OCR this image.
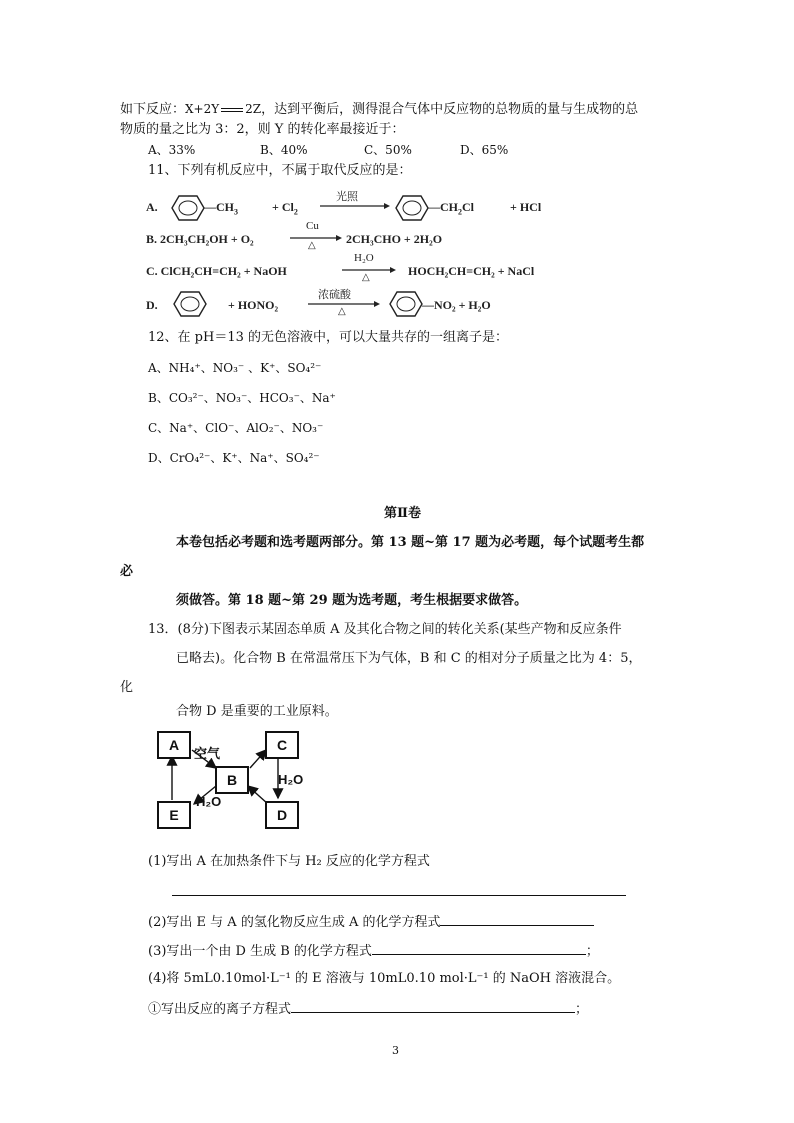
如下反应：X+2Y 2Z，达到平衡后，测得混合气体中反应物的总物质的量与生成物的总
物质的量之比为 3：2，则 Y 的转化率最接近于：
A、33%	B、40%	C、50%	D、65%
11、下列有机反应中，不属于取代反应的是：
A.	$—CH_3$	+ $Cl_2$
光照
$—CH_2Cl$	+ HCl
B. 2CH₃CH₂OH + O₂
Cu
△	2CH₃CHO + 2H₂O
C. ClCH₂CH=CH₂ + NaOH
H₂O
△	HOCH₂CH=CH₂ + NaCl
D.	+ HONO₂
浓硫酸
△	—NO₂ + H₂O
12、在 pH＝13 的无色溶液中，可以大量共存的一组离子是：
A、NH₄⁺、NO₃⁻ 、K⁺、SO₄²⁻
B、CO₃²⁻、NO₃⁻、HCO₃⁻、Na⁺
C、Na⁺、ClO⁻、AlO₂⁻、NO₃⁻
D、CrO₄²⁻、K⁺、Na⁺、SO₄²⁻
第Ⅱ卷
本卷包括必考题和选考题两部分。第 13 题~第 17 题为必考题，每个试题考生都
必
须做答。第 18 题~第 29 题为选考题，考生根据要求做答。
13．(8分)下图表示某固态单质 A 及其化合物之间的转化关系(某些产物和反应条件
已略去)。化合物 B 在常温常压下为气体，B 和 C 的相对分子质量之比为 4：5，
化
合物 D 是重要的工业原料。
A
B
C
E	D
空气
H₂O
H₂O
(1)写出 A 在加热条件下与 H₂ 反应的化学方程式
(2)写出 E 与 A 的氢化物反应生成 A 的化学方程式
(3)写出一个由 D 生成 B 的化学方程式	；
(4)将 5mL0.10mol·L⁻¹ 的 E 溶液与 10mL0.10 mol·L⁻¹ 的 NaOH 溶液混合。
①写出反应的离子方程式	；
3
